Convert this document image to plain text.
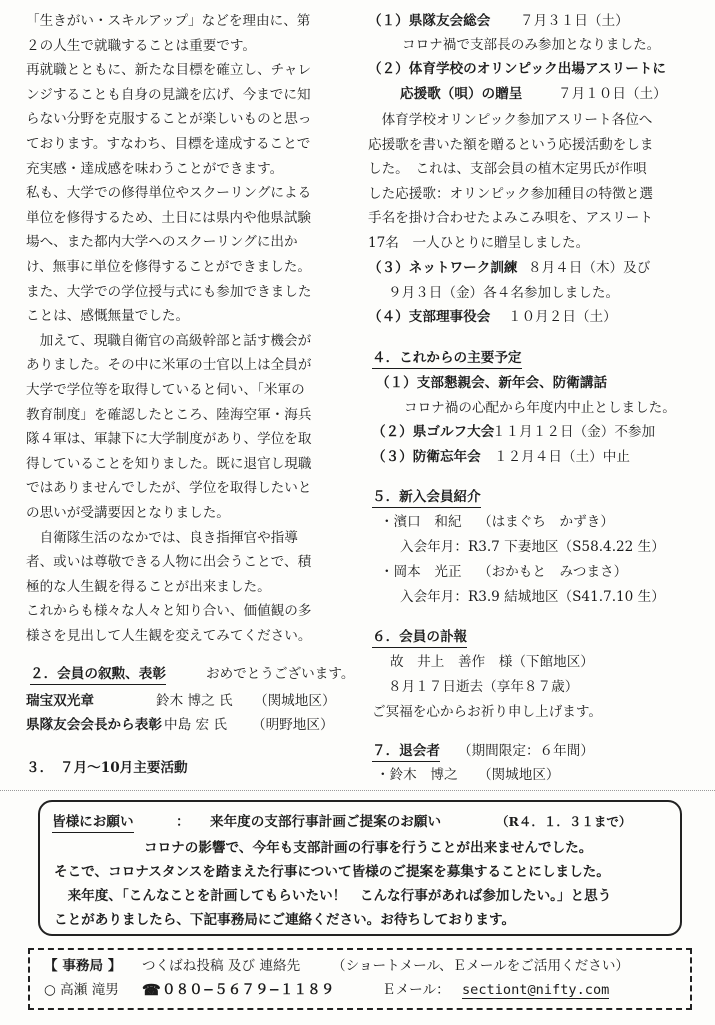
「生きがい・スキルアップ」などを理由に、第
２の人生で就職することは重要です。
再就職とともに、新たな目標を確立し、チャレ
ンジすることも自身の見識を広げ、今までに知
らない分野を克服することが楽しいものと思っ
ております。すなわち、目標を達成することで
充実感・達成感を味わうことができます。
私も、大学での修得単位やスクーリングによる
単位を修得するため、土日には県内や他県試験
場へ、また都内大学へのスクーリングに出か
け、無事に単位を修得することができました。
また、大学での学位授与式にも参加できました
ことは、感慨無量でした。
　加えて、現職自衛官の高級幹部と話す機会が
ありました。その中に米軍の士官以上は全員が
大学で学位等を取得していると伺い、「米軍の
教育制度」を確認したところ、陸海空軍・海兵
隊４軍は、軍隷下に大学制度があり、学位を取
得していることを知りました。既に退官し現職
ではありませんでしたが、学位を取得したいと
の思いが受講要因となりました。
　自衛隊生活のなかでは、良き指揮官や指導
者、或いは尊敬できる人物に出会うことで、積
極的な人生観を得ることが出来ました。
これからも様々な人々と知り合い、価値観の多
様さを見出して人生観を変えてみてください。
２．会員の叙勲、表彰	おめでとうございます。
瑞宝双光章	鈴木 博之 氏 （関城地区）
県隊友会会長から表彰 中島 宏 氏 （明野地区）
３．　７月〜10月主要活動
（１）県隊友会総会 ７月３１日（土）
コロナ禍で支部長のみ参加となりました。
（２）体育学校のオリンピック出場アスリートに
応援歌（唄）の贈呈	７月１０日（土）
　体育学校オリンピック参加アスリート各位へ
応援歌を書いた額を贈るという応援活動をしま
した。　これは、支部会員の植木定男氏が作唄
した応援歌：オリンピック参加種目の特徴と選
手名を掛け合わせたよみこみ唄を、アスリート
17名　一人ひとりに贈呈しました。
（３）ネットワーク訓練 ８月４日（木）及び
９月３日（金）各４名参加しました。
（４）支部理事役会 １０月２日（土）
４．これからの主要予定
（１）支部懇親会、新年会、防衛講話
コロナ禍の心配から年度内中止としました。
（２）県ゴルフ大会
１１月１２日（金）不参加
（３）防衛忘年会 １２月４日（土）中止
５．新入会員紹介
・濱口　和紀 （はまぐち　かずき）
入会年月：R3.7 下妻地区（S58.4.22 生）
・岡本　光正 （おかもと　みつまさ）
入会年月：R3.9 結城地区（S41.7.10 生）
６．会員の訃報
故　井上　善作　様（下館地区）
８月１７日逝去（享年８７歳）
ご冥福を心からお祈り申し上げます。
７．退会者 （期間限定：６年間）
・鈴木　博之　　（関城地区）
皆様にお願い	： 来年度の支部行事計画ご提案のお願い	（R４．１．３１まで）
コロナの影響で、今年も支部計画の行事を行うことが出来ませんでした。
そこで、コロナスタンスを踏まえた行事について皆様のご提案を募集することにしました。
　来年度、「こんなことを計画してもらいたい！　こんな行事があれば参加したい。」と思う
ことがありましたら、下記事務局にご連絡ください。お待ちしております。
【 事務局 】 つくばね投稿 及び 連絡先 （ショートメール、Ｅメールをご活用ください）
○ 高瀬 滝男 ☎ ０８０−５６７９−１１８９	Ｅメール： sectiont@nifty.com
